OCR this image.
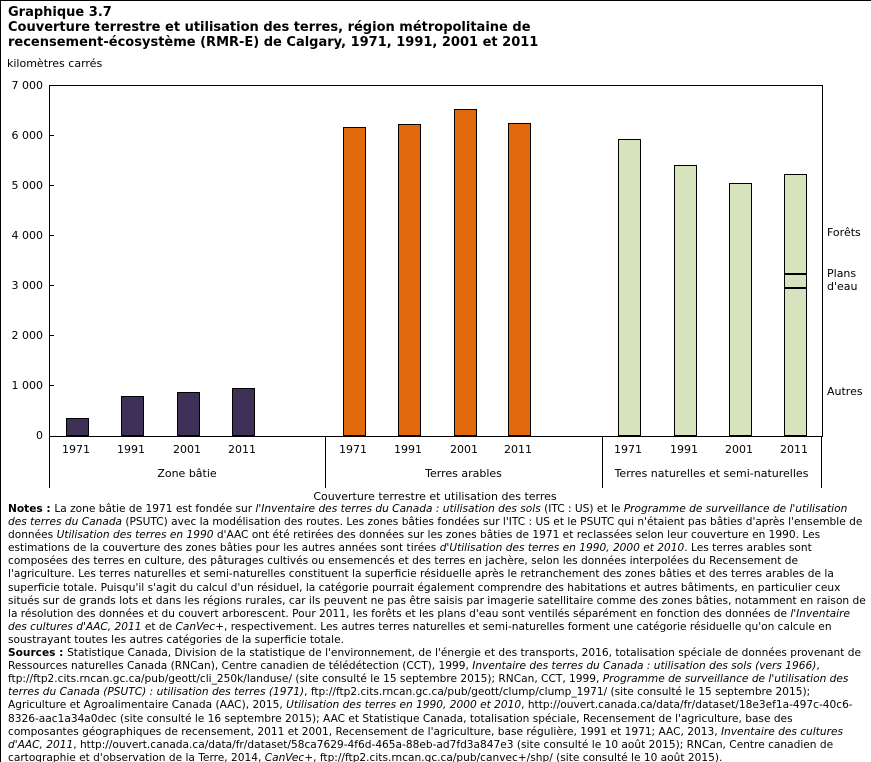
Graphique 3.7
Couverture terrestre et utilisation des terres, région métropolitaine de
recensement-écosystème (RMR-E) de Calgary, 1971, 1991, 2001 et 2011
kilomètres carrés
1971 1991	2001 2011
Zone bâtie
1971 1991	2001 2011
Terres arables
1971	1991 2001 2011
Terres naturelles et semi-naturelles
Couverture terrestre et utilisation des terres
Forêts
Plans d'eau
Autres

Notes : La zone bâtie de 1971 est fondée sur l'Inventaire des terres du Canada : utilisation des sols (ITC : US) et le Programme de surveillance de l'utilisation des terres du Canada (PSUTC) avec la modélisation des routes. Les zones bâties fondées sur l'ITC : US et le PSUTC qui n'étaient pas bâties d'après l'ensemble de données Utilisation des terres en 1990 d'AAC ont été retirées des données sur les zones bâties de 1971 et reclassées selon leur couverture en 1990. Les estimations de la couverture des zones bâties pour les autres années sont tirées d'Utilisation des terres en 1990, 2000 et 2010. Les terres arables sont composées des terres en culture, des pâturages cultivés ou ensemencés et des terres en jachère, selon les données interpolées du Recensement de l'agriculture. Les terres naturelles et semi-naturelles constituent la superficie résiduelle après le retranchement des zones bâties et des terres arables de la superficie totale. Puisqu'il s'agit du calcul d'un résiduel, la catégorie pourrait également comprendre des habitations et autres bâtiments, en particulier ceux situés sur de grands lots et dans les régions rurales, car ils peuvent ne pas être saisis par imagerie satellitaire comme des zones bâties, notamment en raison de la résolution des données et du couvert arborescent. Pour 2011, les forêts et les plans d'eau sont ventilés séparément en fonction des données de l'Inventaire des cultures d'AAC, 2011 et de CanVec+, respectivement. Les autres terres naturelles et semi-naturelles forment une catégorie résiduelle qu'on calcule en soustrayant toutes les autres catégories de la superficie totale.

Sources : Statistique Canada, Division de la statistique de l'environnement, de l'énergie et des transports, 2016, totalisation spéciale de données provenant de Ressources naturelles Canada (RNCan), Centre canadien de télédétection (CCT), 1999, Inventaire des terres du Canada : utilisation des sols (vers 1966), ftp://ftp2.cits.rncan.gc.ca/pub/geott/cli_250k/landuse/ (site consulté le 15 septembre 2015); RNCan, CCT, 1999, Programme de surveillance de l'utilisation des terres du Canada (PSUTC) : utilisation des terres (1971), ftp://ftp2.cits.rncan.gc.ca/pub/geott/clump/clump_1971/ (site consulté le 15 septembre 2015); Agriculture et Agroalimentaire Canada (AAC), 2015, Utilisation des terres en 1990, 2000 et 2010, http://ouvert.canada.ca/data/fr/dataset/18e3ef1a-497c-40c6-8326-aac1a34a0dec (site consulté le 16 septembre 2015); AAC et Statistique Canada, totalisation spéciale, Recensement de l'agriculture, base des composantes géographiques de recensement, 2011 et 2001, Recensement de l'agriculture, base régulière, 1991 et 1971; AAC, 2013, Inventaire des cultures d'AAC, 2011, http://ouvert.canada.ca/data/fr/dataset/58ca7629-4f6d-465a-88eb-ad7fd3a847e3 (site consulté le 10 août 2015); RNCan, Centre canadien de cartographie et d'observation de la Terre, 2014, CanVec+, ftp://ftp2.cits.rncan.gc.ca/pub/canvec+/shp/ (site consulté le 10 août 2015).

7 000
6 000
5 000
4 000
3 000
2 000
1 000
0
